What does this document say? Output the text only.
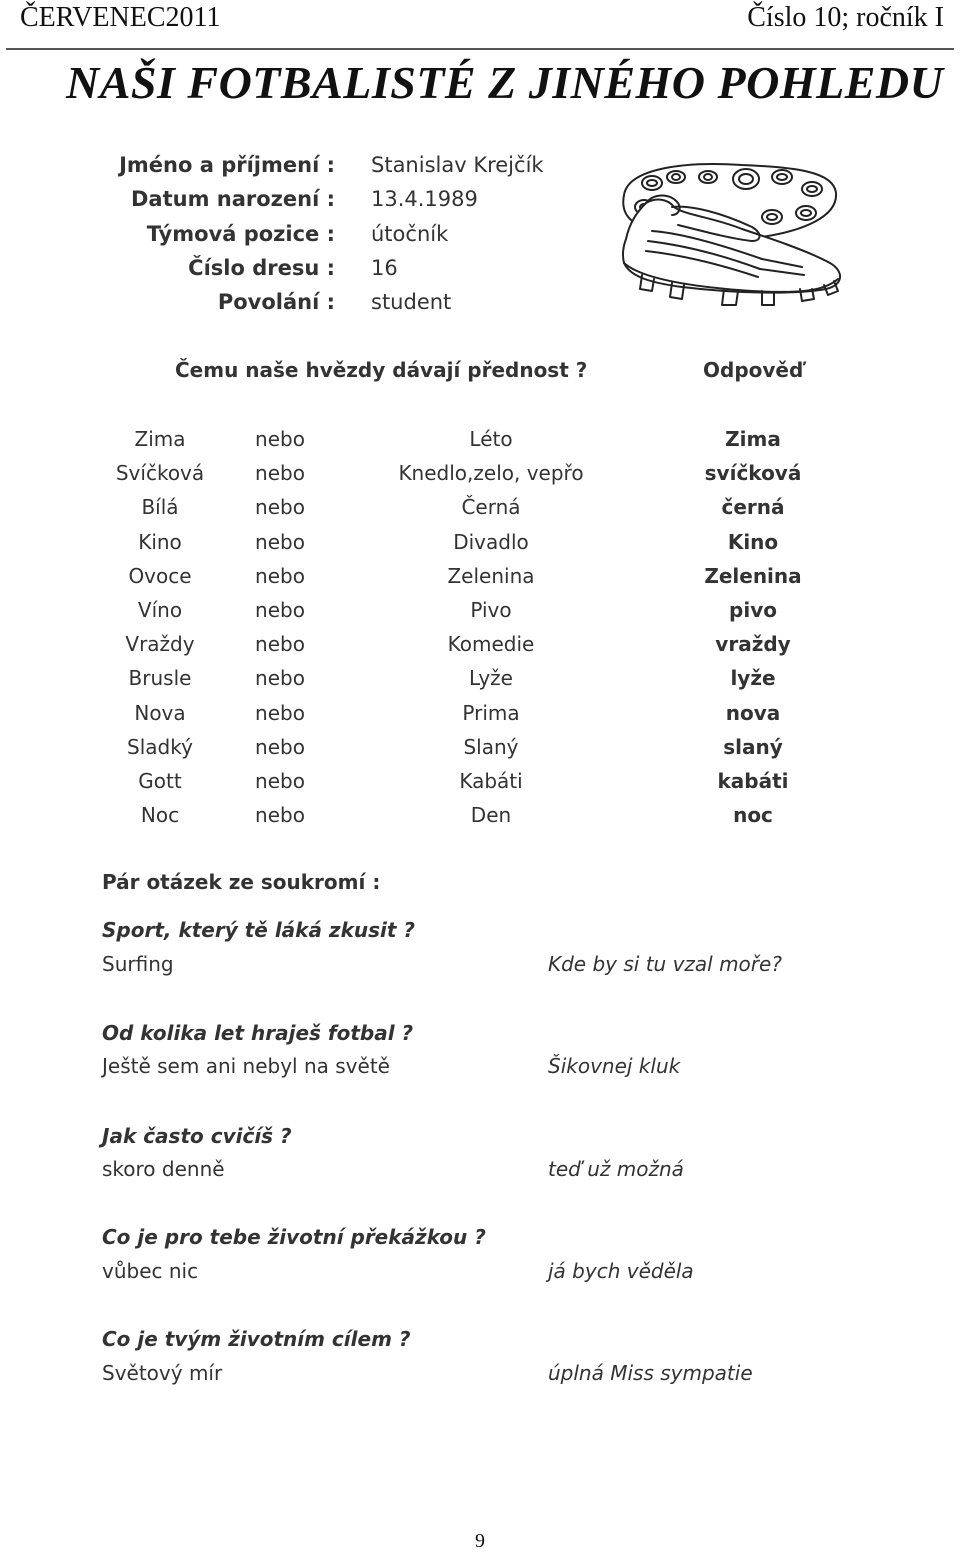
ČERVENEC2011	Číslo 10; ročník I
NAŠI FOTBALISTÉ Z JINÉHO POHLEDU
Jméno a příjmení : Stanislav Krejčík
Datum narození : 13.4.1989
Týmová pozice : útočník
Číslo dresu : 16
Povolání : student
Čemu naše hvězdy dávají přednost ?	Odpověď
Zima	nebo	Léto	Zima
Svíčková	nebo	Knedlo,zelo, vepřo	svíčková
Bílá	nebo	Černá	černá
Kino	nebo	Divadlo	Kino
Ovoce	nebo	Zelenina	Zelenina
Víno	nebo	Pivo	pivo
Vraždy	nebo	Komedie	vraždy
Brusle	nebo	Lyže	lyže
Nova	nebo	Prima	nova
Sladký	nebo	Slaný	slaný
Gott	nebo	Kabáti	kabáti
Noc	nebo	Den	noc
Pár otázek ze soukromí :
Sport, který tě láká zkusit ?
Surfing	Kde by si tu vzal moře?
Od kolika let hraješ fotbal ?
Ještě sem ani nebyl na světě	Šikovnej kluk
Jak často cvičíš ?
skoro denně	teď už možná
Co je pro tebe životní překážkou ?
vůbec nic	já bych věděla
Co je tvým životním cílem ?
Světový mír	úplná Miss sympatie
9
